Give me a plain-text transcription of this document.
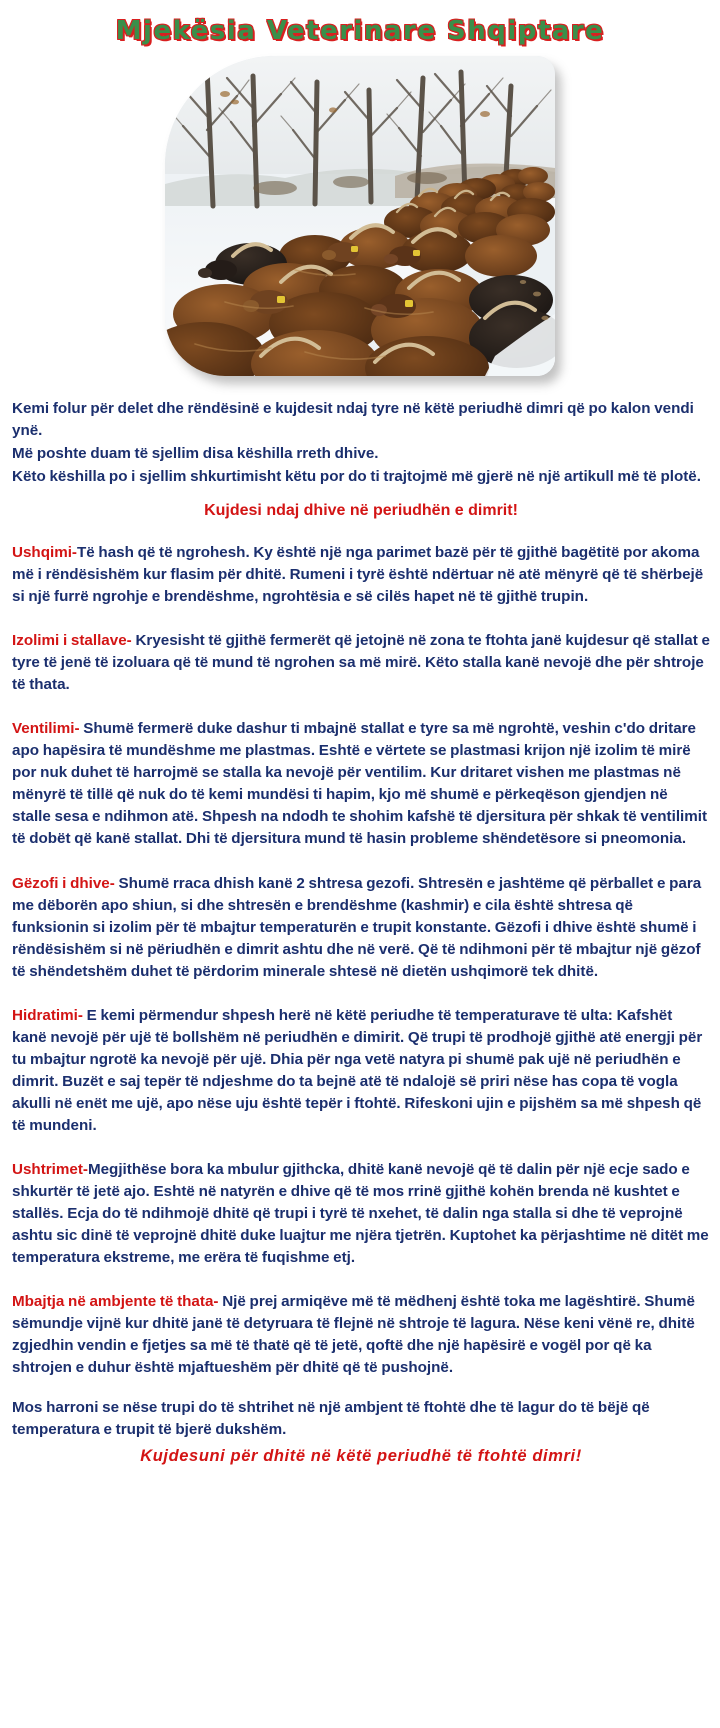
Mjekësia Veterinare Shqiptare

Kemi folur për delet dhe rëndësinë e kujdesit ndaj tyre në këtë periudhë dimri që po kalon vendi ynë.

Më poshte duam të sjellim disa këshilla rreth dhive.

Këto këshilla po i sjellim shkurtimisht këtu por do ti trajtojmë më gjerë në një artikull më të plotë.

Kujdesi ndaj dhive në periudhën e dimrit!

Ushqimi-Të hash që të ngrohesh. Ky është një nga parimet bazë për të gjithë bagëtitë por akoma më i rëndësishëm kur flasim për dhitë. Rumeni i tyrë është ndërtuar në atë mënyrë që të shërbejë si një furrë ngrohje e brendëshme, ngrohtësia e së cilës hapet në të gjithë trupin.

Izolimi i stallave- Kryesisht të gjithë fermerët që jetojnë në zona te ftohta janë kujdesur që stallat e tyre të jenë të izoluara që të mund të ngrohen sa më mirë. Këto stalla kanë nevojë dhe për shtroje të thata.

Ventilimi- Shumë fermerë duke dashur ti mbajnë stallat e tyre sa më ngrohtë, veshin c'do dritare apo hapësira të mundëshme me plastmas. Eshtë e vërtete se plastmasi krijon një izolim të mirë por nuk duhet të harrojmë se stalla ka nevojë për ventilim. Kur dritaret vishen me plastmas në mënyrë të tillë që nuk do të kemi mundësi ti hapim, kjo më shumë e përkeqëson gjendjen në stalle sesa e ndihmon atë. Shpesh na ndodh te shohim kafshë të djersitura për shkak të ventilimit të dobët që kanë stallat. Dhi të djersitura mund të hasin probleme shëndetësore si pneomonia.

Gëzofi i dhive- Shumë rraca dhish kanë 2 shtresa gezofi. Shtresën e jashtëme që përballet e para me dëborën apo shiun, si dhe shtresën e brendëshme (kashmir) e cila është shtresa që funksionin si izolim për të mbajtur temperaturën e trupit konstante. Gëzofi i dhive është shumë i rëndësishëm si në përiudhën e dimrit ashtu dhe në verë. Që të ndihmoni për të mbajtur një gëzof të shëndetshëm duhet të përdorim minerale shtesë në dietën ushqimorë tek dhitë.

Hidratimi- E kemi përmendur shpesh herë në këtë periudhe të temperaturave të ulta: Kafshët kanë nevojë për ujë të bollshëm në periudhën e dimirit. Që trupi të prodhojë gjithë atë energji për tu mbajtur ngrotë ka nevojë për ujë. Dhia për nga vetë natyra pi shumë pak ujë në periudhën e dimrit. Buzët e saj tepër të ndjeshme do ta bejnë atë të ndalojë së priri nëse has copa të vogla akulli në enët me ujë, apo nëse uju është tepër i ftohtë. Rifeskoni ujin e pijshëm sa më shpesh që të mundeni.

Ushtrimet-Megjithëse bora ka mbulur gjithcka, dhitë kanë nevojë që të dalin për një ecje sado e shkurtër të jetë ajo. Eshtë në natyrën e dhive që të mos rrinë gjithë kohën brenda në kushtet e stallës. Ecja do të ndihmojë dhitë që trupi i tyrë të nxehet, të dalin nga stalla si dhe të veprojnë ashtu sic dinë të veprojnë dhitë duke luajtur me njëra tjetrën. Kuptohet ka përjashtime në ditët me temperatura ekstreme, me erëra të fuqishme etj.

Mbajtja në ambjente të thata- Një prej armiqëve më të mëdhenj është toka me lagështirë. Shumë sëmundje vijnë kur dhitë janë të detyruara të flejnë në shtroje të lagura. Nëse keni vënë re, dhitë zgjedhin vendin e fjetjes sa më të thatë që të jetë, qoftë dhe një hapësirë e vogël por që ka shtrojen e duhur është mjaftueshëm për dhitë që të pushojnë.

Mos harroni se nëse trupi do të shtrihet në një ambjent të ftohtë dhe të lagur do të bëjë që temperatura e trupit të bjerë dukshëm.

Kujdesuni për dhitë në këtë periudhë të ftohtë dimri!
